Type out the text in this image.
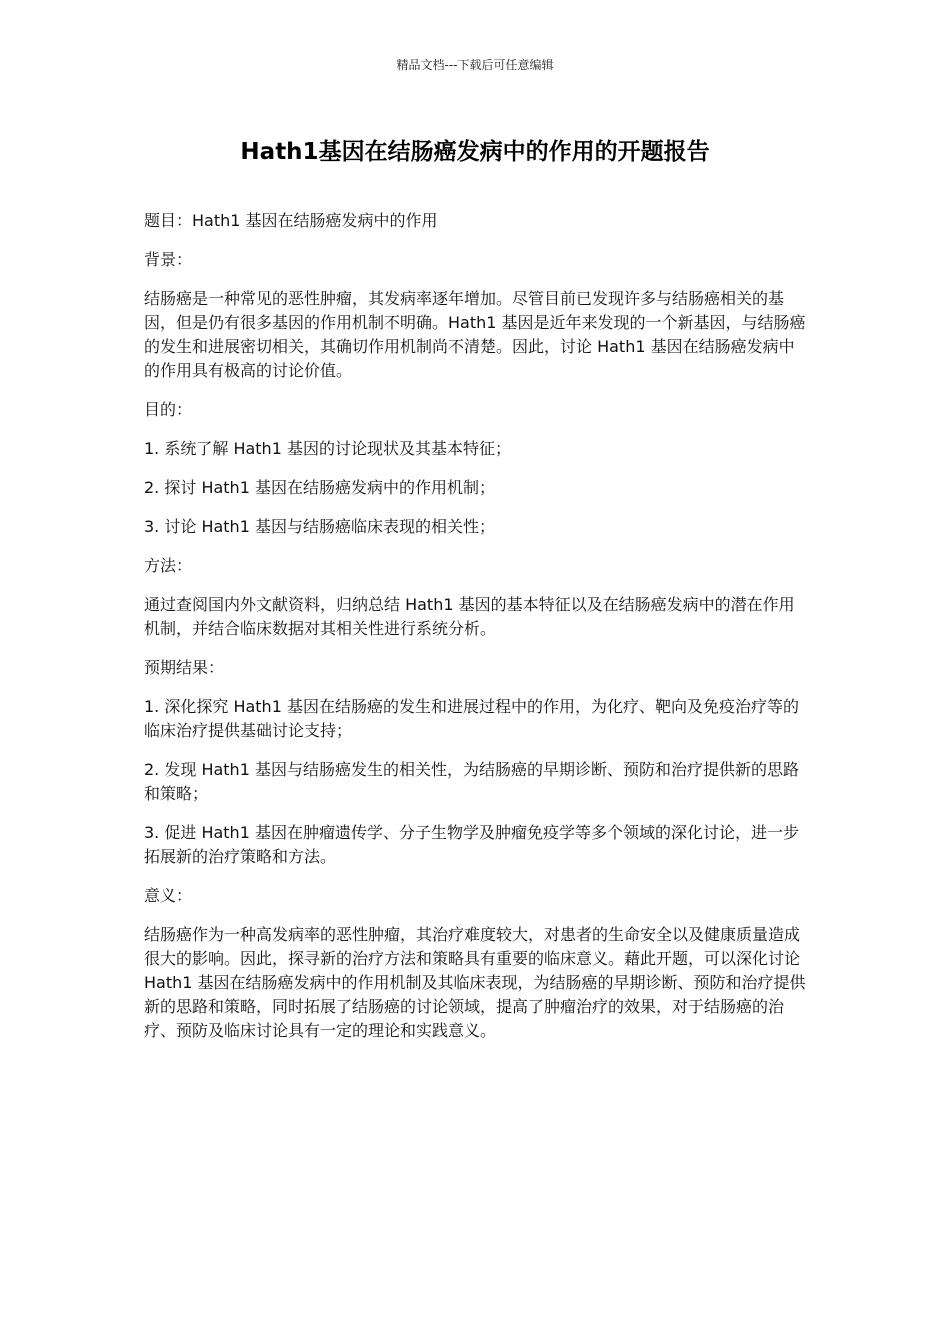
精品文档---下载后可任意编辑
Hath1基因在结肠癌发病中的作用的开题报告

题目：Hath1 基因在结肠癌发病中的作用

背景：

结肠癌是一种常见的恶性肿瘤，其发病率逐年增加。尽管目前已发现许多与结肠癌相关的基因，但是仍有很多基因的作用机制不明确。Hath1 基因是近年来发现的一个新基因，与结肠癌的发生和进展密切相关，其确切作用机制尚不清楚。因此，讨论 Hath1 基因在结肠癌发病中的作用具有极高的讨论价值。

目的：

1. 系统了解 Hath1 基因的讨论现状及其基本特征；

2. 探讨 Hath1 基因在结肠癌发病中的作用机制；

3. 讨论 Hath1 基因与结肠癌临床表现的相关性；

方法：

通过查阅国内外文献资料，归纳总结 Hath1 基因的基本特征以及在结肠癌发病中的潜在作用机制，并结合临床数据对其相关性进行系统分析。

预期结果：

1. 深化探究 Hath1 基因在结肠癌的发生和进展过程中的作用，为化疗、靶向及免疫治疗等的临床治疗提供基础讨论支持；

2. 发现 Hath1 基因与结肠癌发生的相关性，为结肠癌的早期诊断、预防和治疗提供新的思路和策略；

3. 促进 Hath1 基因在肿瘤遗传学、分子生物学及肿瘤免疫学等多个领域的深化讨论，进一步拓展新的治疗策略和方法。

意义：

结肠癌作为一种高发病率的恶性肿瘤，其治疗难度较大，对患者的生命安全以及健康质量造成很大的影响。因此，探寻新的治疗方法和策略具有重要的临床意义。藉此开题，可以深化讨论 Hath1 基因在结肠癌发病中的作用机制及其临床表现，为结肠癌的早期诊断、预防和治疗提供新的思路和策略，同时拓展了结肠癌的讨论领域，提高了肿瘤治疗的效果，对于结肠癌的治疗、预防及临床讨论具有一定的理论和实践意义。
